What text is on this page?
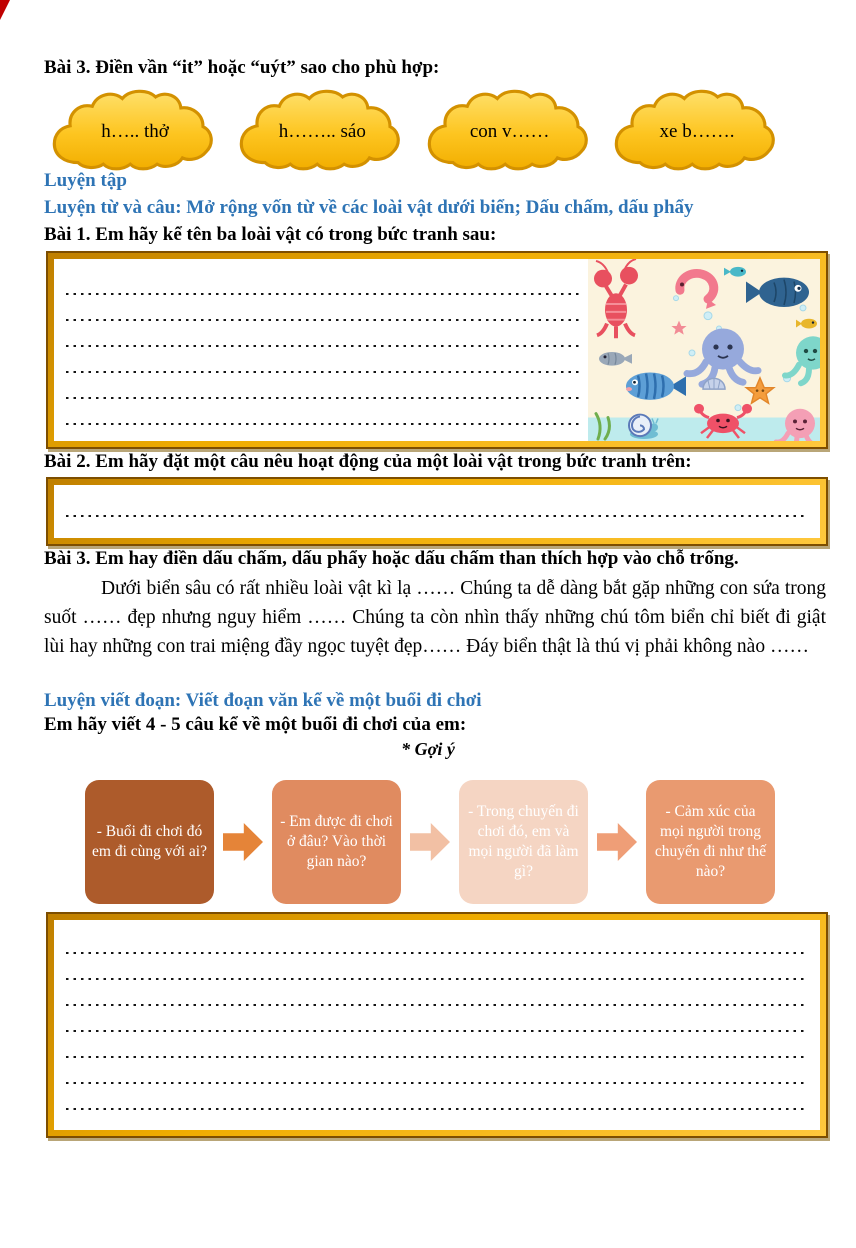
Bài 3. Điền vần “it” hoặc “uýt” sao cho phù hợp:
h….. thở	h…….. sáo	con v……	xe b…….
Luyện tập
Luyện từ và câu: Mở rộng vốn từ về các loài vật dưới biển; Dấu chấm, dấu phẩy
Bài 1. Em hãy kể tên ba loài vật có trong bức tranh sau:
Bài 2. Em hãy đặt một câu nêu hoạt động của một loài vật trong bức tranh trên:
Bài 3. Em hay điền dấu chấm, dấu phẩy hoặc dấu chấm than thích hợp vào chỗ trống.
Dưới biển sâu có rất nhiều loài vật kì lạ …… Chúng ta dễ dàng bắt gặp những con sứa trong suốt …… đẹp nhưng nguy hiểm …… Chúng ta còn nhìn thấy những chú tôm biển chỉ biết đi giật lùi hay những con trai miệng đầy ngọc tuyệt đẹp…… Đáy biển thật là thú vị phải không nào ……
Luyện viết đoạn: Viết đoạn văn kể về một buổi đi chơi
Em hãy viết 4 - 5 câu kể về một buổi đi chơi của em:
* Gợi ý
- Buổi đi chơi đó em đi cùng với ai?
- Em được đi chơi ở đâu? Vào thời gian nào?
- Trong chuyến đi chơi đó, em và mọi người đã làm gì?
- Cảm xúc của mọi người trong chuyến đi như thế nào?
